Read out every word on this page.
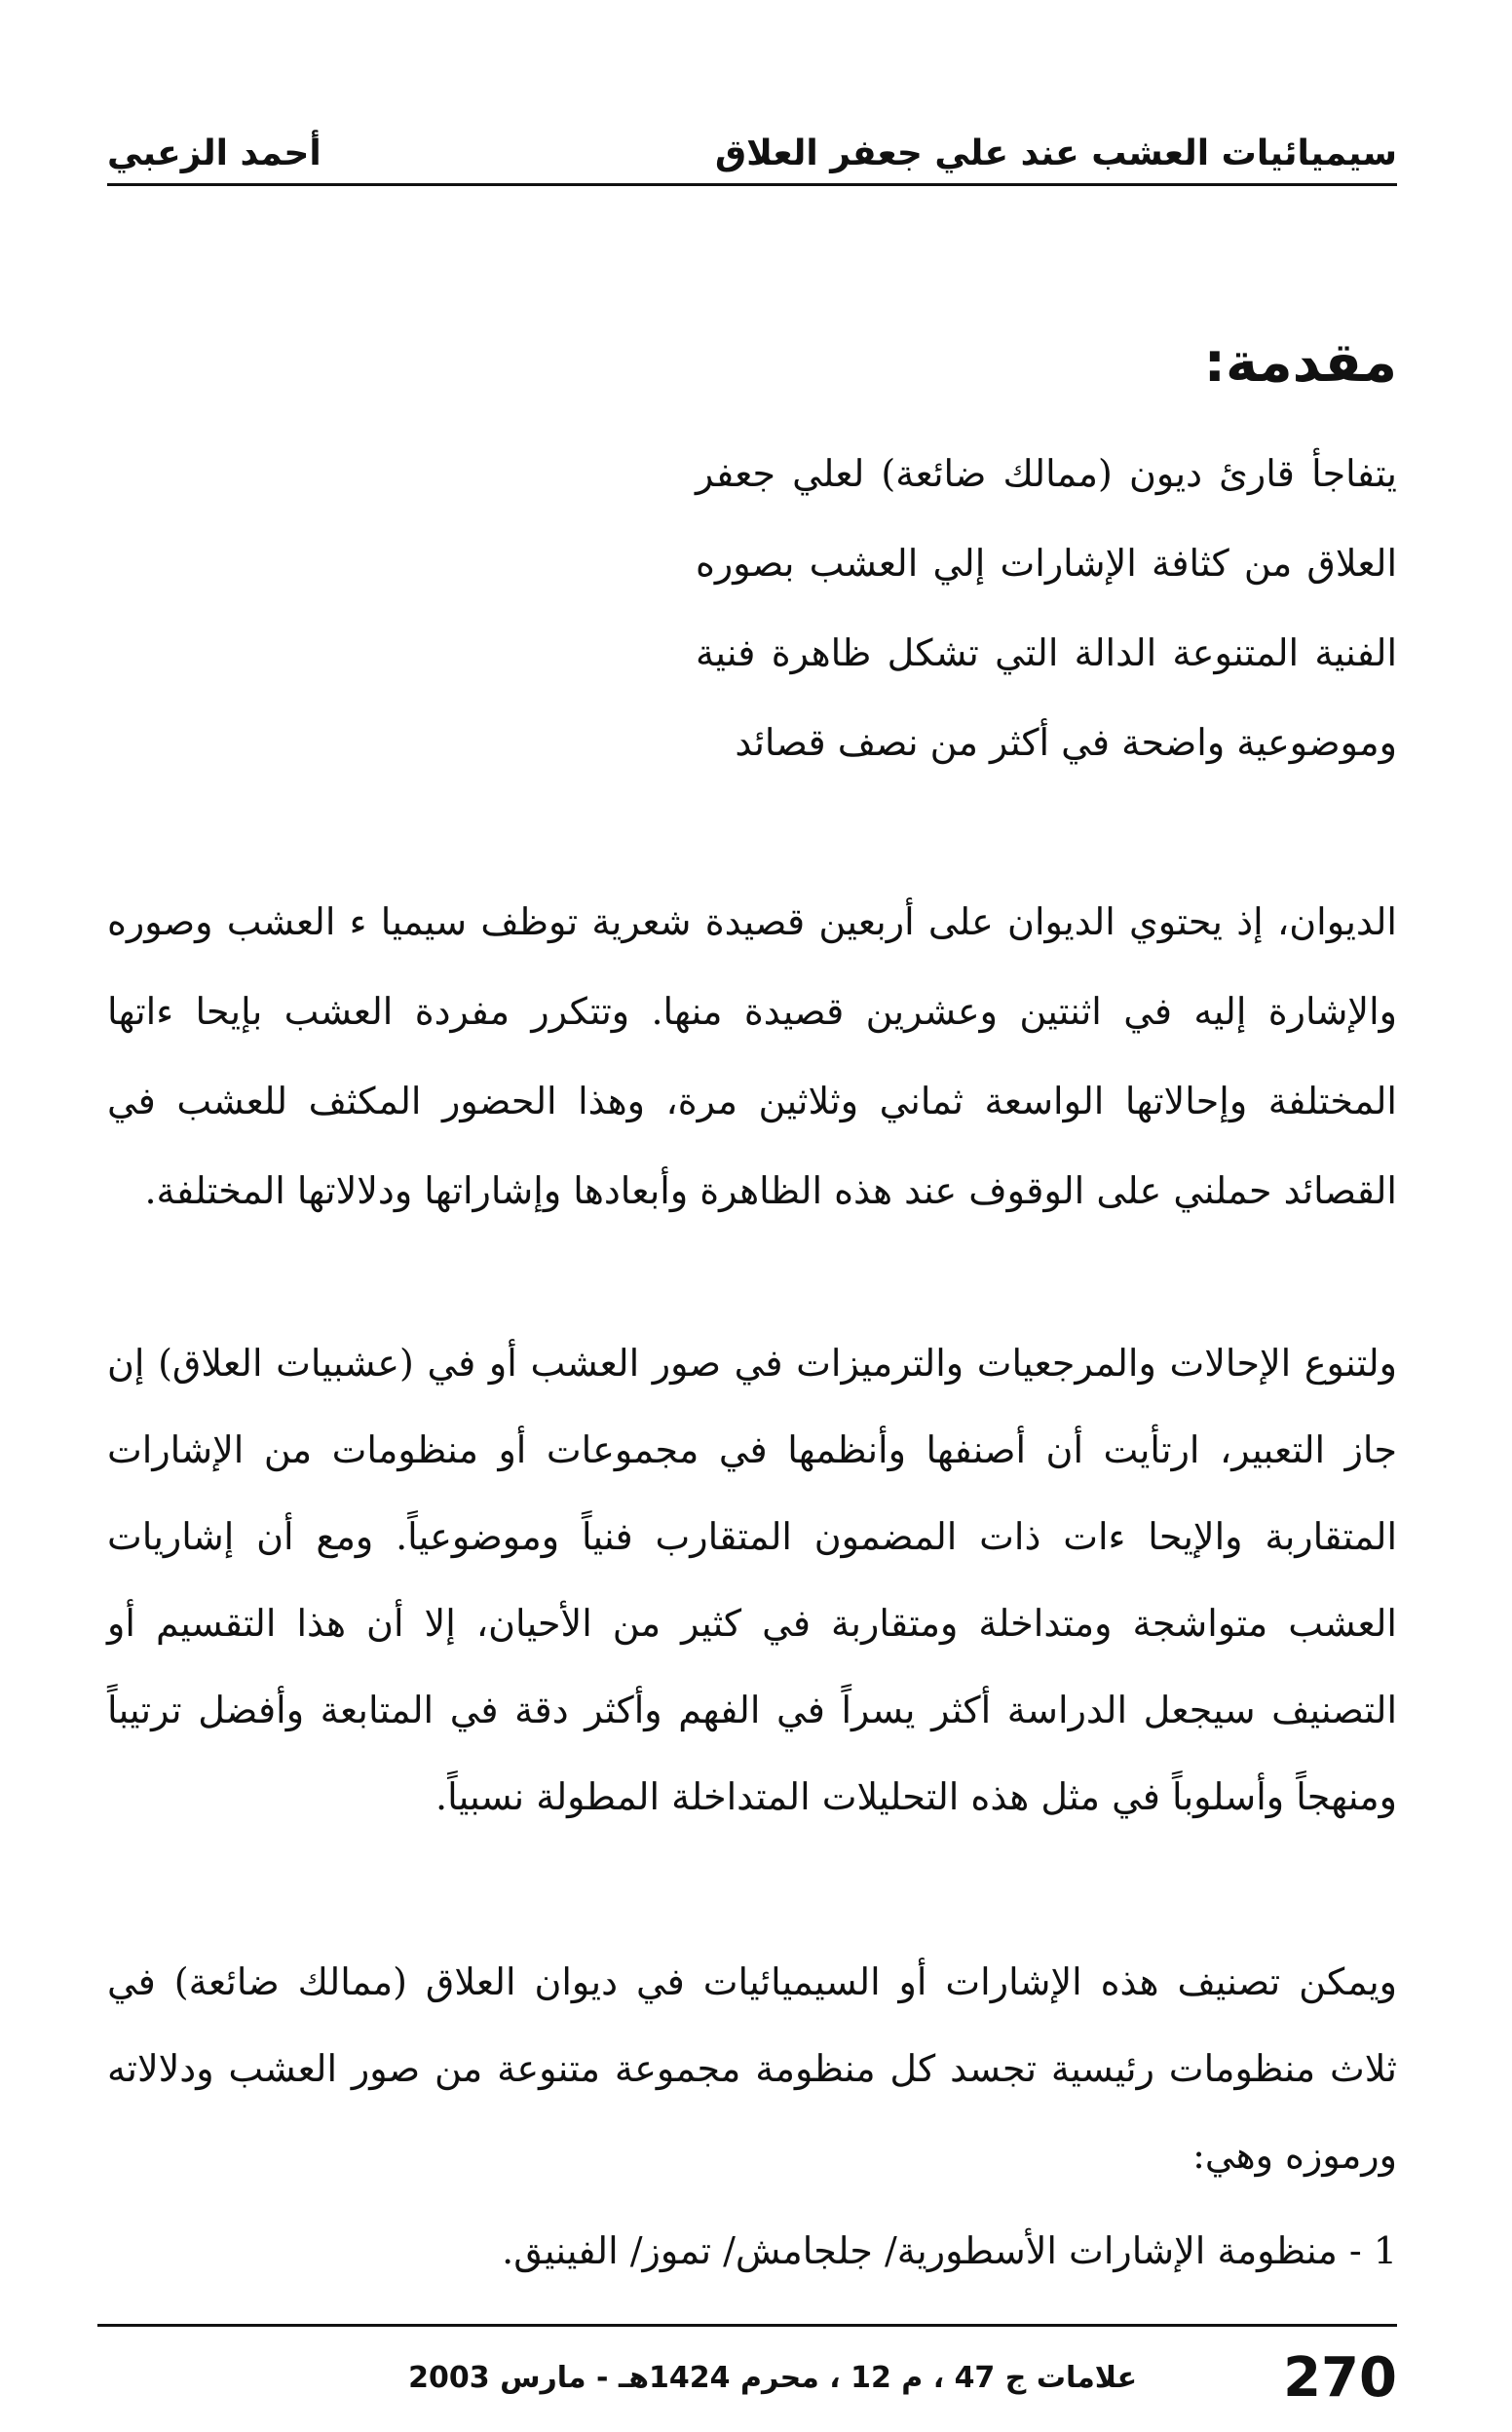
سيميائيات العشب عند علي جعفر العلاق
أحمد الزعبي
مقدمة:

يتفاجأ قارئ ديون (ممالك ضائعة) لعلي جعفر العلاق من كثافة الإشارات إلي العشب بصوره الفنية المتنوعة الدالة التي تشكل ظاهرة فنية وموضوعية واضحة في أكثر من نصف قصائد

الديوان، إذ يحتوي الديوان على أربعين قصيدة شعرية توظف سيميا ء العشب وصوره والإشارة إليه في اثنتين وعشرين قصيدة منها. وتتكرر مفردة العشب بإيحا ءاتها المختلفة وإحالاتها الواسعة ثماني وثلاثين مرة، وهذا الحضور المكثف للعشب في القصائد حملني على الوقوف عند هذه الظاهرة وأبعادها وإشاراتها ودلالاتها المختلفة.

ولتنوع الإحالات والمرجعيات والترميزات في صور العشب أو في (عشبيات العلاق) إن جاز التعبير، ارتأيت أن أصنفها وأنظمها في مجموعات أو منظومات من الإشارات المتقاربة والإيحا ءات ذات المضمون المتقارب فنياً وموضوعياً. ومع أن إشاريات العشب متواشجة ومتداخلة ومتقاربة في كثير من الأحيان، إلا أن هذا التقسيم أو التصنيف سيجعل الدراسة أكثر يسراً في الفهم وأكثر دقة في المتابعة وأفضل ترتيباً ومنهجاً وأسلوباً في مثل هذه التحليلات المتداخلة المطولة نسبياً.

ويمكن تصنيف هذه الإشارات أو السيميائيات في ديوان العلاق (ممالك ضائعة) في ثلاث منظومات رئيسية تجسد كل منظومة مجموعة متنوعة من صور العشب ودلالاته ورموزه وهي:

1 - منظومة الإشارات الأسطورية/ جلجامش/ تموز/ الفينيق.

270
علامات ج 47 ، م 12 ، محرم 1424هـ - مارس 2003
